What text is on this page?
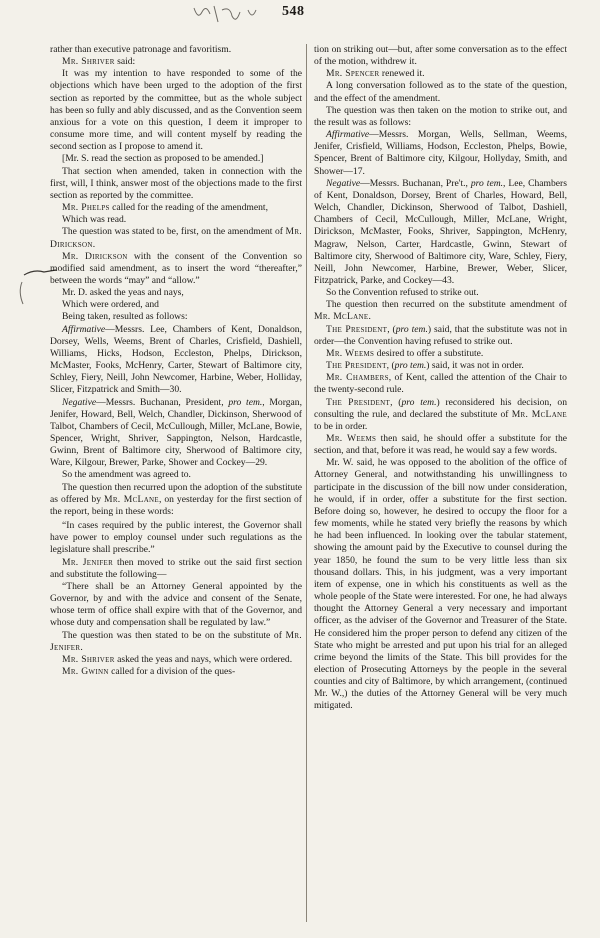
548

rather than executive patronage and favoritism.

Mr. Shriver said:

It was my intention to have responded to some of the objections which have been urged to the adoption of the first section as reported by the committee, but as the whole subject has been so fully and ably discussed, and as the Convention seem anxious for a vote on this question, I deem it improper to consume more time, and will content myself by reading the second section as I propose to amend it.

[Mr. S. read the section as proposed to be amended.]

That section when amended, taken in connection with the first, will, I think, answer most of the objections made to the first section as reported by the committee.

Mr. Phelps called for the reading of the amendment,

Which was read.

The question was stated to be, first, on the amendment of Mr. Dirickson.

Mr. Dirickson with the consent of the Convention so modified said amendment, as to insert the word “thereafter,” between the words “may” and “allow.”

Mr. D. asked the yeas and nays,

Which were ordered, and

Being taken, resulted as follows:

Affirmative—Messrs. Lee, Chambers of Kent, Donaldson, Dorsey, Wells, Weems, Brent of Charles, Crisfield, Dashiell, Williams, Hicks, Hodson, Eccleston, Phelps, Dirickson, McMaster, Fooks, McHenry, Carter, Stewart of Baltimore city, Schley, Fiery, Neill, John Newcomer, Harbine, Weber, Holliday, Slicer, Fitzpatrick and Smith—30.

Negative—Messrs. Buchanan, President, pro tem., Morgan, Jenifer, Howard, Bell, Welch, Chandler, Dickinson, Sherwood of Talbot, Chambers of Cecil, McCullough, Miller, McLane, Bowie, Spencer, Wright, Shriver, Sappington, Nelson, Hardcastle, Gwinn, Brent of Baltimore city, Sherwood of Baltimore city, Ware, Kilgour, Brewer, Parke, Shower and Cockey—29.

So the amendment was agreed to.

The question then recurred upon the adoption of the substitute as offered by Mr. McLane, on yesterday for the first section of the report, being in these words:

“In cases required by the public interest, the Governor shall have power to employ counsel under such regulations as the legislature shall prescribe.”

Mr. Jenifer then moved to strike out the said first section and substitute the following—

“There shall be an Attorney General appointed by the Governor, by and with the advice and consent of the Senate, whose term of office shall expire with that of the Governor, and whose duty and compensation shall be regulated by law.”

The question was then stated to be on the substitute of Mr. Jenifer.

Mr. Shriver asked the yeas and nays, which were ordered.

Mr. Gwinn called for a division of the ques-

tion on striking out—but, after some conversation as to the effect of the motion, withdrew it.

Mr. Spencer renewed it.

A long conversation followed as to the state of the question, and the effect of the amendment.

The question was then taken on the motion to strike out, and the result was as follows:

Affirmative—Messrs. Morgan, Wells, Sellman, Weems, Jenifer, Crisfield, Williams, Hodson, Eccleston, Phelps, Bowie, Spencer, Brent of Baltimore city, Kilgour, Hollyday, Smith, and Shower—17.

Negative—Messrs. Buchanan, Pre't., pro tem., Lee, Chambers of Kent, Donaldson, Dorsey, Brent of Charles, Howard, Bell, Welch, Chandler, Dickinson, Sherwood of Talbot, Dashiell, Chambers of Cecil, McCullough, Miller, McLane, Wright, Dirickson, McMaster, Fooks, Shriver, Sappington, McHenry, Magraw, Nelson, Carter, Hardcastle, Gwinn, Stewart of Baltimore city, Sherwood of Baltimore city, Ware, Schley, Fiery, Neill, John Newcomer, Harbine, Brewer, Weber, Slicer, Fitzpatrick, Parke, and Cockey—43.

So the Convention refused to strike out.

The question then recurred on the substitute amendment of Mr. McLane.

The President, (pro tem.) said, that the substitute was not in order—the Convention having refused to strike out.

Mr. Weems desired to offer a substitute.

The President, (pro tem.) said, it was not in order.

Mr. Chambers, of Kent, called the attention of the Chair to the twenty-second rule.

The President, (pro tem.) reconsidered his decision, on consulting the rule, and declared the substitute of Mr. McLane to be in order.

Mr. Weems then said, he should offer a substitute for the section, and that, before it was read, he would say a few words.

Mr. W. said, he was opposed to the abolition of the office of Attorney General, and notwithstanding his unwillingness to participate in the discussion of the bill now under consideration, he would, if in order, offer a substitute for the first section. Before doing so, however, he desired to occupy the floor for a few moments, while he stated very briefly the reasons by which he had been influenced. In looking over the tabular statement, showing the amount paid by the Executive to counsel during the year 1850, he found the sum to be very little less than six thousand dollars. This, in his judgment, was a very important item of expense, one in which his constituents as well as the whole people of the State were interested. For one, he had always thought the Attorney General a very necessary and important officer, as the adviser of the Governor and Treasurer of the State. He considered him the proper person to defend any citizen of the State who might be arrested and put upon his trial for an alleged crime beyond the limits of the State. This bill provides for the election of Prosecuting Attorneys by the people in the several counties and city of Baltimore, by which arrangement, (continued Mr. W.,) the duties of the Attorney General will be very much mitigated.
